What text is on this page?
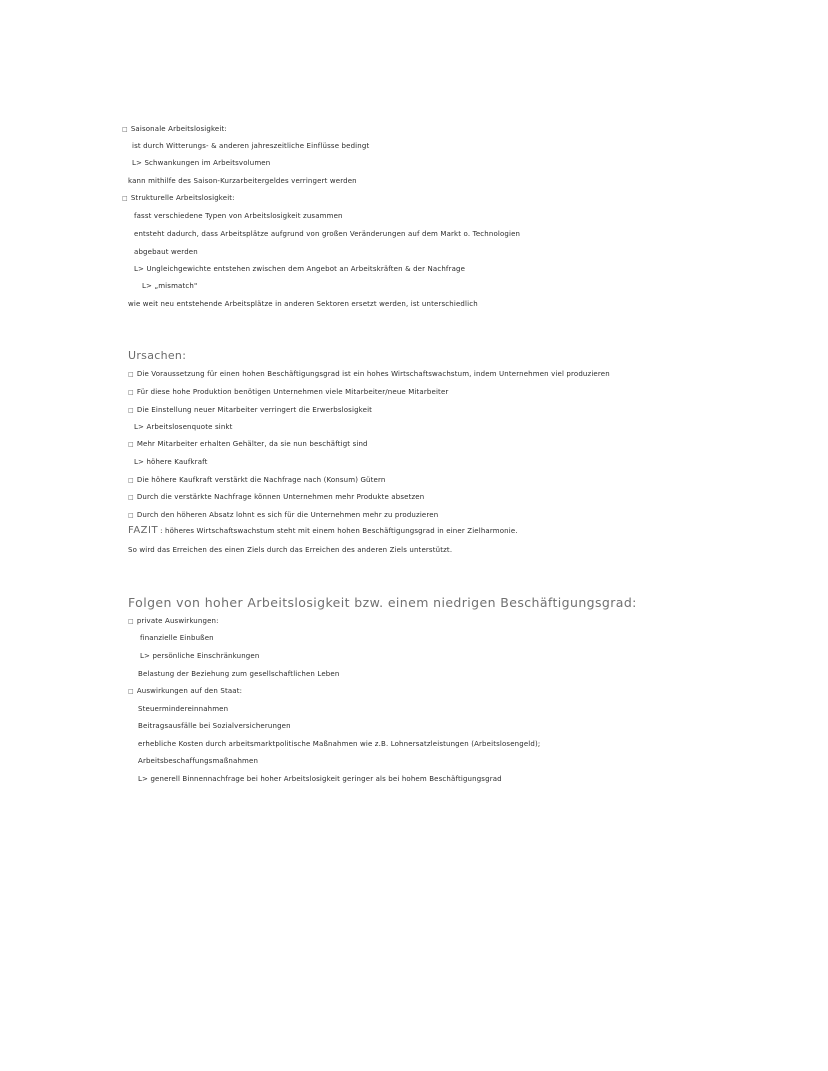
□ Saisonale Arbeitslosigkeit:
ist durch Witterungs- & anderen jahreszeitliche Einflüsse bedingt
L> Schwankungen im Arbeitsvolumen
kann mithilfe des Saison-Kurzarbeitergeldes verringert werden
□ Strukturelle Arbeitslosigkeit:
fasst verschiedene Typen von Arbeitslosigkeit zusammen
entsteht dadurch, dass Arbeitsplätze aufgrund von großen Veränderungen auf dem Markt o. Technologien
abgebaut werden
L> Ungleichgewichte entstehen zwischen dem Angebot an Arbeitskräften & der Nachfrage
L> „mismatch"
wie weit neu entstehende Arbeitsplätze in anderen Sektoren ersetzt werden, ist unterschiedlich
Ursachen:
□ Die Voraussetzung für einen hohen Beschäftigungsgrad ist ein hohes Wirtschaftswachstum, indem Unternehmen viel produzieren
□ Für diese hohe Produktion benötigen Unternehmen viele Mitarbeiter/neue Mitarbeiter
□ Die Einstellung neuer Mitarbeiter verringert die Erwerbslosigkeit
L> Arbeitslosenquote sinkt
□ Mehr Mitarbeiter erhalten Gehälter, da sie nun beschäftigt sind
L> höhere Kaufkraft
□ Die höhere Kaufkraft verstärkt die Nachfrage nach (Konsum) Gütern
□ Durch die verstärkte Nachfrage können Unternehmen mehr Produkte absetzen
□ Durch den höheren Absatz lohnt es sich für die Unternehmen mehr zu produzieren
FAZIT : höheres Wirtschaftswachstum steht mit einem hohen Beschäftigungsgrad in einer Zielharmonie.
So wird das Erreichen des einen Ziels durch das Erreichen des anderen Ziels unterstützt.
Folgen von hoher Arbeitslosigkeit bzw. einem niedrigen Beschäftigungsgrad:
□ private Auswirkungen:
finanzielle Einbußen
L> persönliche Einschränkungen
Belastung der Beziehung zum gesellschaftlichen Leben
□ Auswirkungen auf den Staat:
Steuermindereinnahmen
Beitragsausfälle bei Sozialversicherungen
erhebliche Kosten durch arbeitsmarktpolitische Maßnahmen wie z.B. Lohnersatzleistungen (Arbeitslosengeld);
Arbeitsbeschaffungsmaßnahmen
L> generell Binnennachfrage bei hoher Arbeitslosigkeit geringer als bei hohem Beschäftigungsgrad
